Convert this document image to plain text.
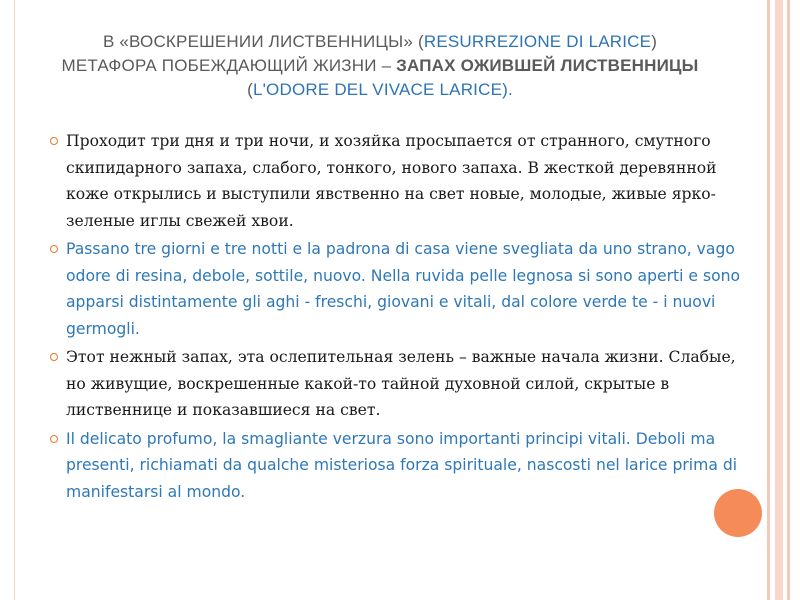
В «ВОСКРЕШЕНИИ ЛИСТВЕННИЦЫ» (RESURREZIONE DI LARICE) МЕТАФОРА ПОБЕЖДАЮЩИЙ ЖИЗНИ – ЗАПАХ ОЖИВШЕЙ ЛИСТВЕННИЦЫ (L'ODORE DEL VIVACE LARICE).
Проходит три дня и три ночи, и хозяйка просыпается от странного, смутного скипидарного запаха, слабого, тонкого, нового запаха. В жесткой деревянной коже открылись и выступили явственно на свет новые, молодые, живые ярко-зеленые иглы свежей хвои.
Passano tre giorni e tre notti e la padrona di casa viene svegliata da uno strano, vago odore di resina, debole, sottile, nuovo. Nella ruvida pelle legnosa si sono aperti e sono apparsi distintamente gli aghi - freschi, giovani e vitali, dal colore verde te - i nuovi germogli.
Этот нежный запах, эта ослепительная зелень – важные начала жизни. Слабые, но живущие, воскрешенные какой-то тайной духовной силой, скрытые в лиственнице и показавшиеся на свет.
Il delicato profumo, la smagliante verzura sono importanti principi vitali. Deboli ma presenti, richiamati da qualche misteriosa forza spirituale, nascosti nel larice prima di manifestarsi al mondo.
